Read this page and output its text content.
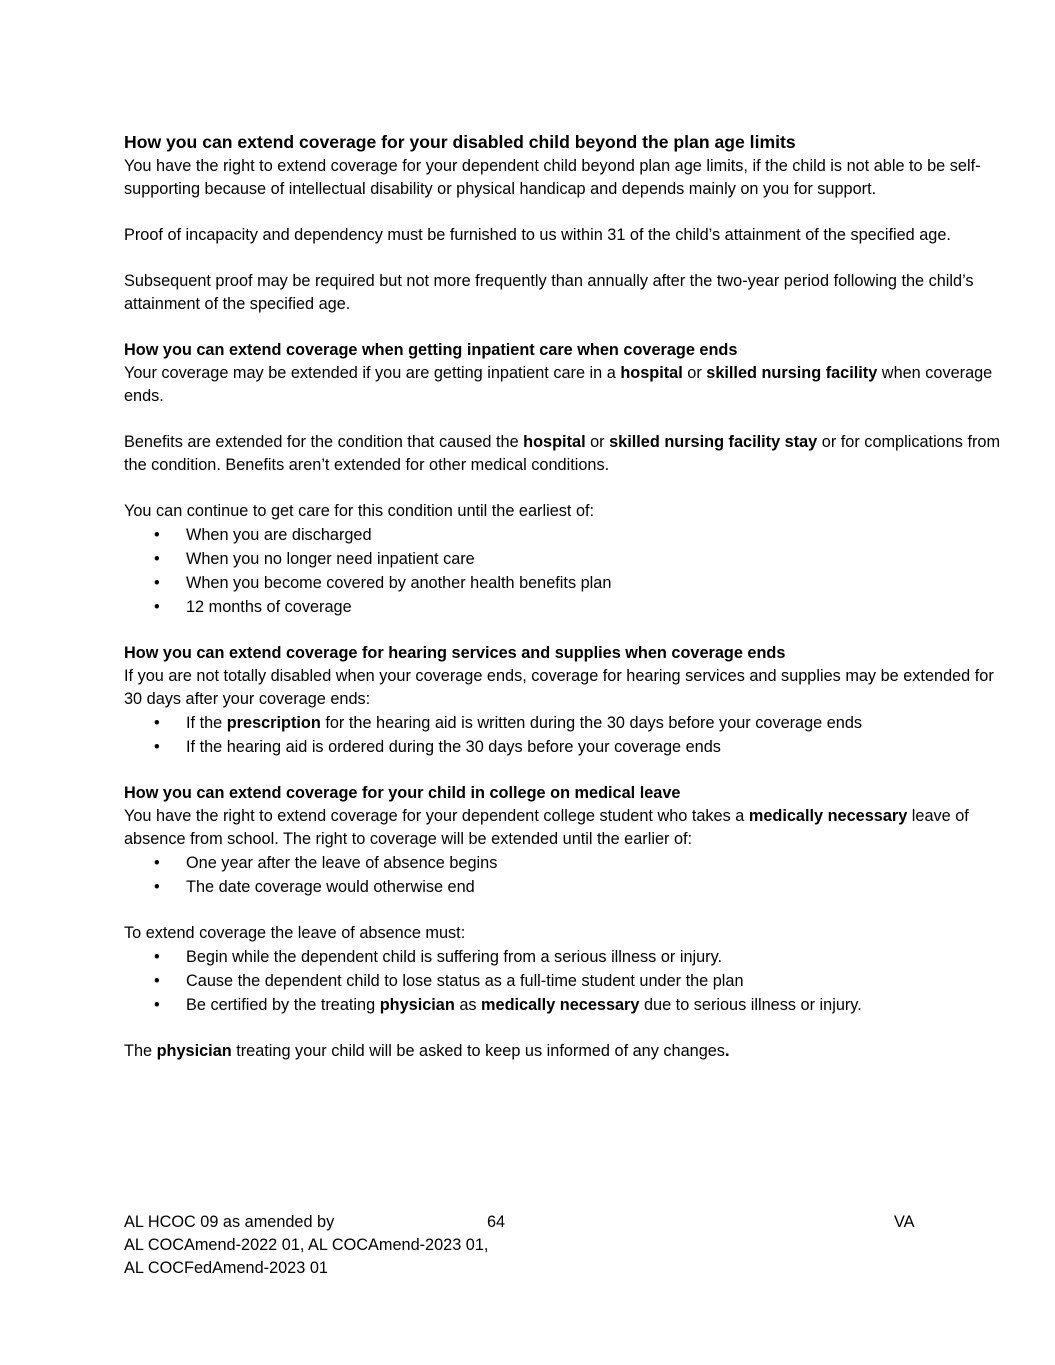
How you can extend coverage for your disabled child beyond the plan age limits

You have the right to extend coverage for your dependent child beyond plan age limits, if the child is not able to be self-supporting because of intellectual disability or physical handicap and depends mainly on you for support.

Proof of incapacity and dependency must be furnished to us within 31 of the child’s attainment of the specified age.

Subsequent proof may be required but not more frequently than annually after the two-year period following the child’s attainment of the specified age.

How you can extend coverage when getting inpatient care when coverage ends

Your coverage may be extended if you are getting inpatient care in a hospital or skilled nursing facility when coverage ends.

Benefits are extended for the condition that caused the hospital or skilled nursing facility stay or for complications from the condition. Benefits aren’t extended for other medical conditions.

You can continue to get care for this condition until the earliest of:

• When you are discharged
• When you no longer need inpatient care
• When you become covered by another health benefits plan
• 12 months of coverage
How you can extend coverage for hearing services and supplies when coverage ends

If you are not totally disabled when your coverage ends, coverage for hearing services and supplies may be extended for 30 days after your coverage ends:

• If the prescription for the hearing aid is written during the 30 days before your coverage ends
• If the hearing aid is ordered during the 30 days before your coverage ends
How you can extend coverage for your child in college on medical leave

You have the right to extend coverage for your dependent college student who takes a medically necessary leave of absence from school. The right to coverage will be extended until the earlier of:

• One year after the leave of absence begins
• The date coverage would otherwise end

To extend coverage the leave of absence must:

• Begin while the dependent child is suffering from a serious illness or injury.
• Cause the dependent child to lose status as a full-time student under the plan
• Be certified by the treating physician as medically necessary due to serious illness or injury.

The physician treating your child will be asked to keep us informed of any changes.

AL HCOC 09 as amended by
AL COCAmend-2022 01, AL COCAmend-2023 01,
AL COCFedAmend-2023 01
64	VA
